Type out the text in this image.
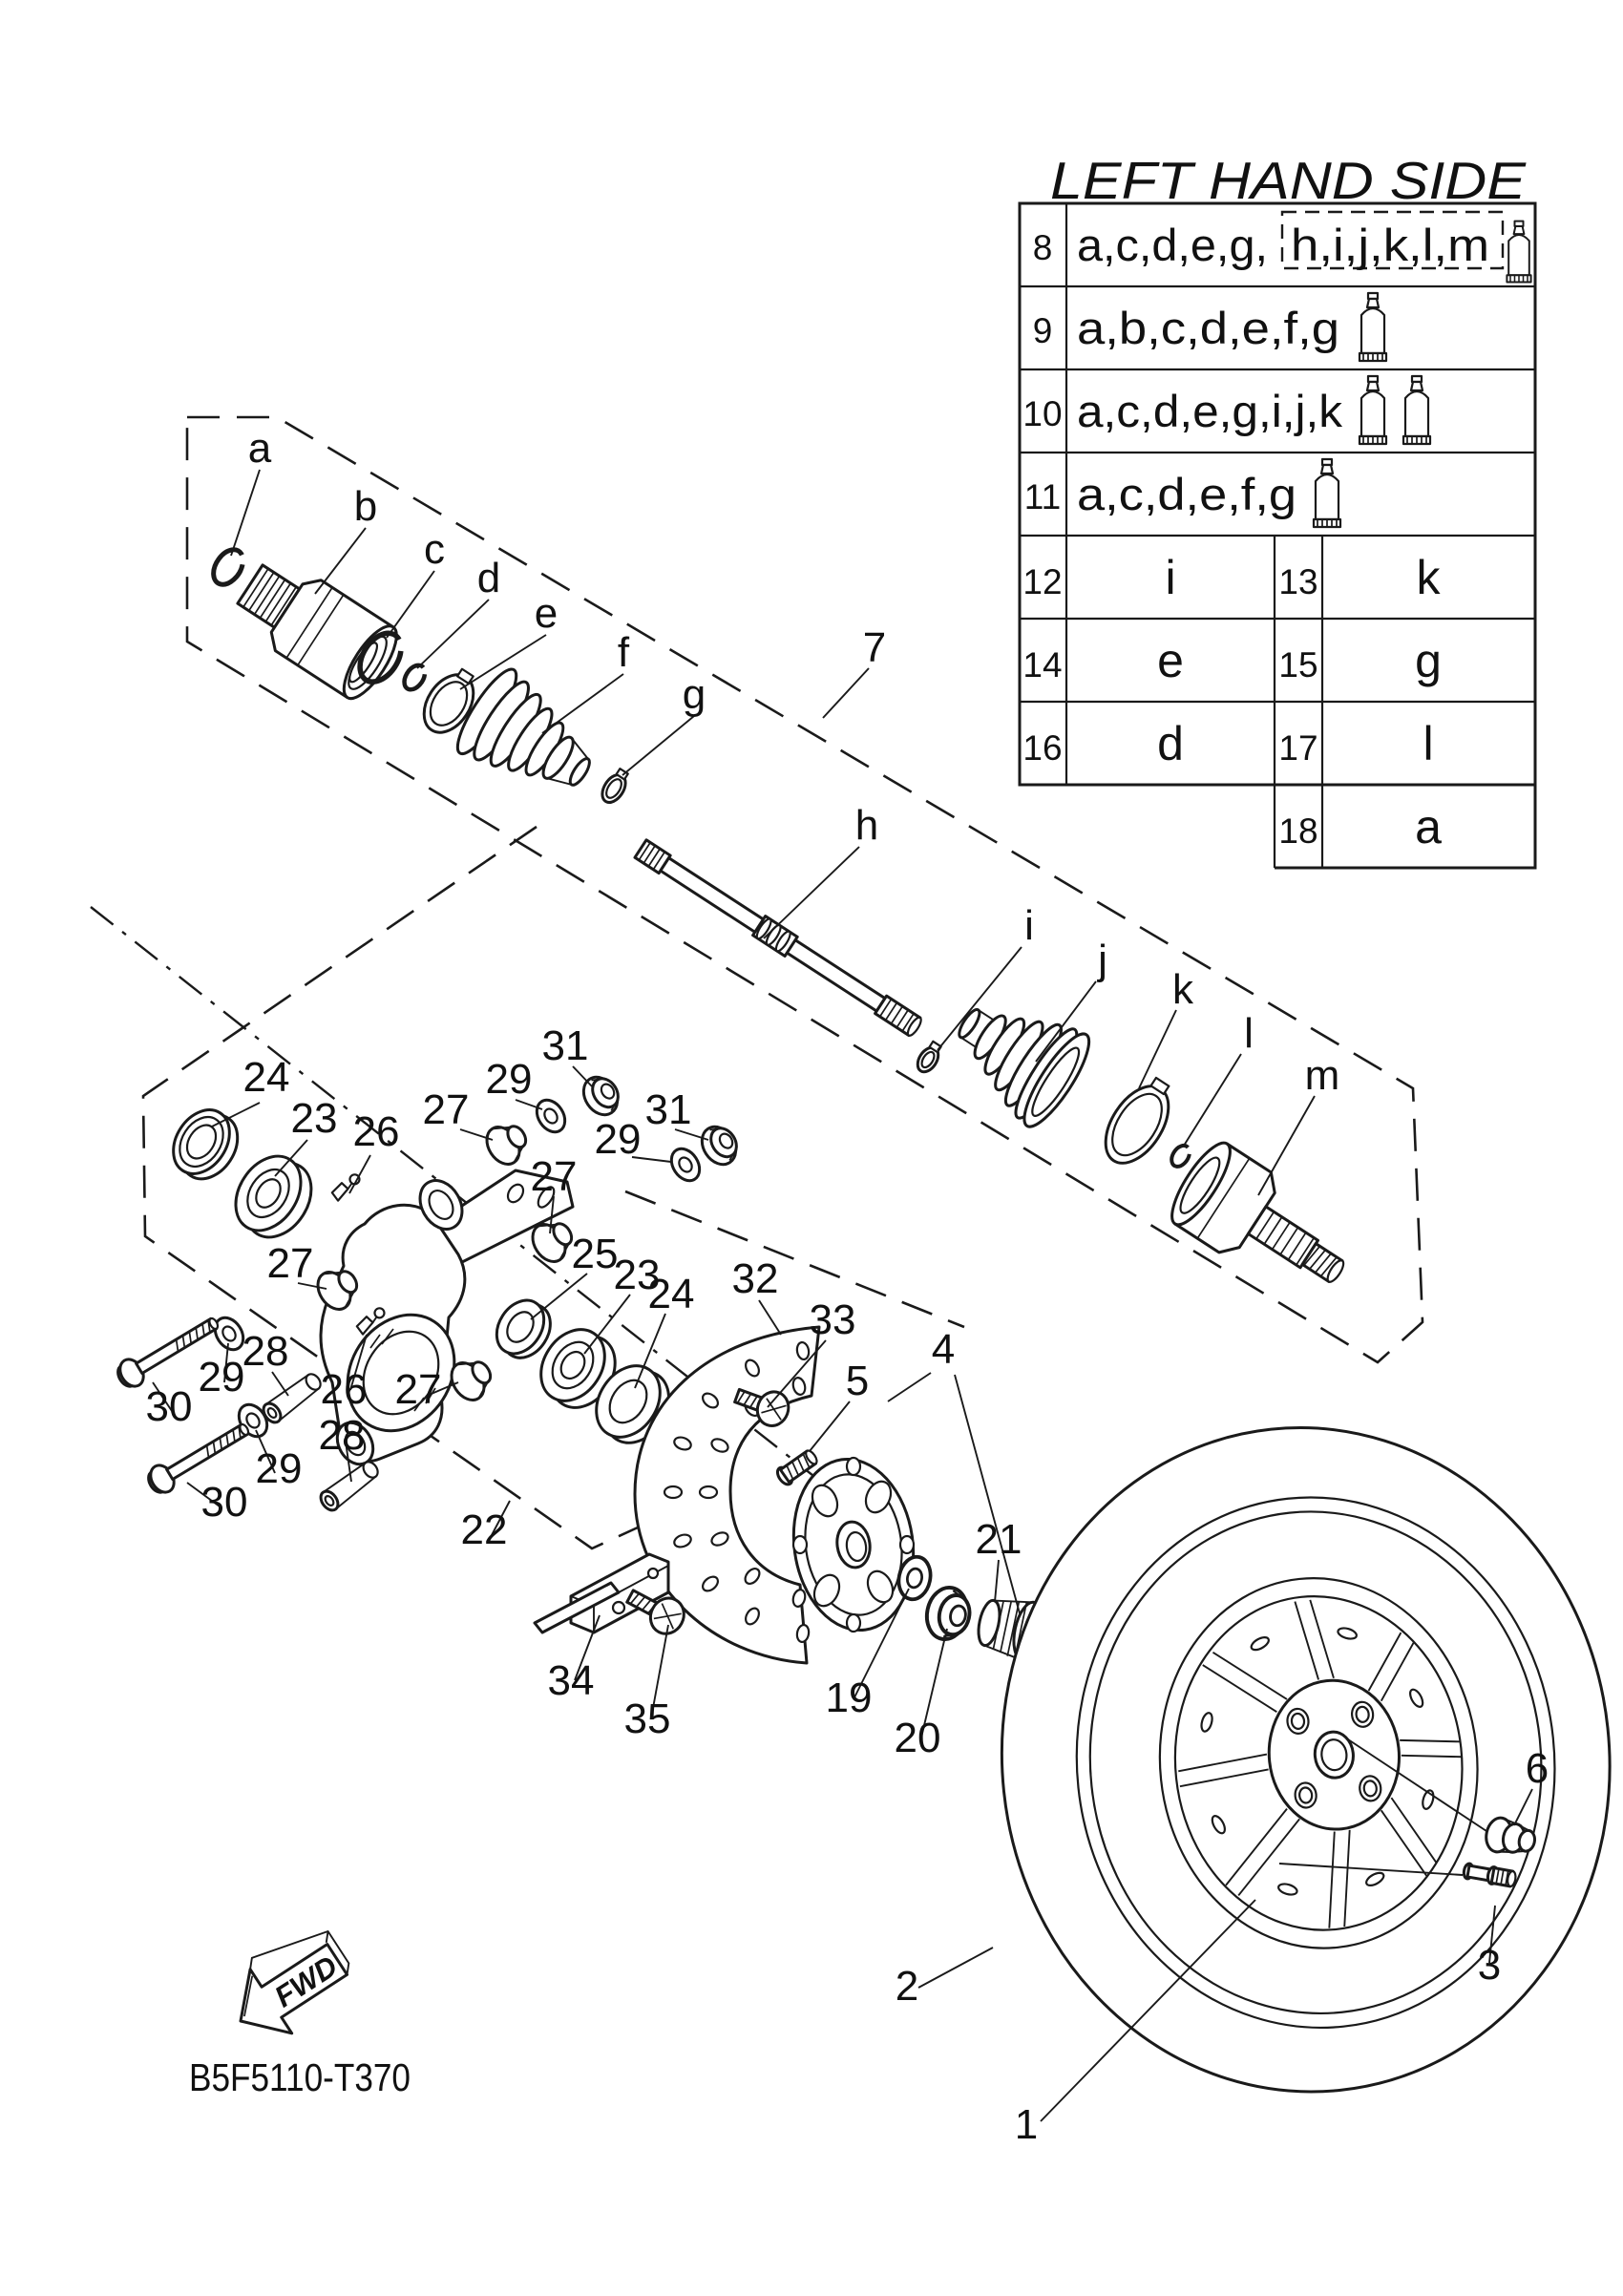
a
b
c
d
e
f
g
7
h
i
j
k
l
m
24
23 26 27
29
31
31
29
27
25
23
24
27
26
28
29
30	27
28
29
30
22
32
33
4
5
21
19
20
34
35
6
3
1
2
LEFT HAND SIDE
8 a,c,d,e,g, h,i,j,k,l,m
9 a,b,c,d,e,f,g
10 a,c,d,e,g,i,j,k
11 a,c,d,e,f,g
12 i	13 k
14 e	15 g
16 d	17 l
18 a
FWD
B5F5110-T370
